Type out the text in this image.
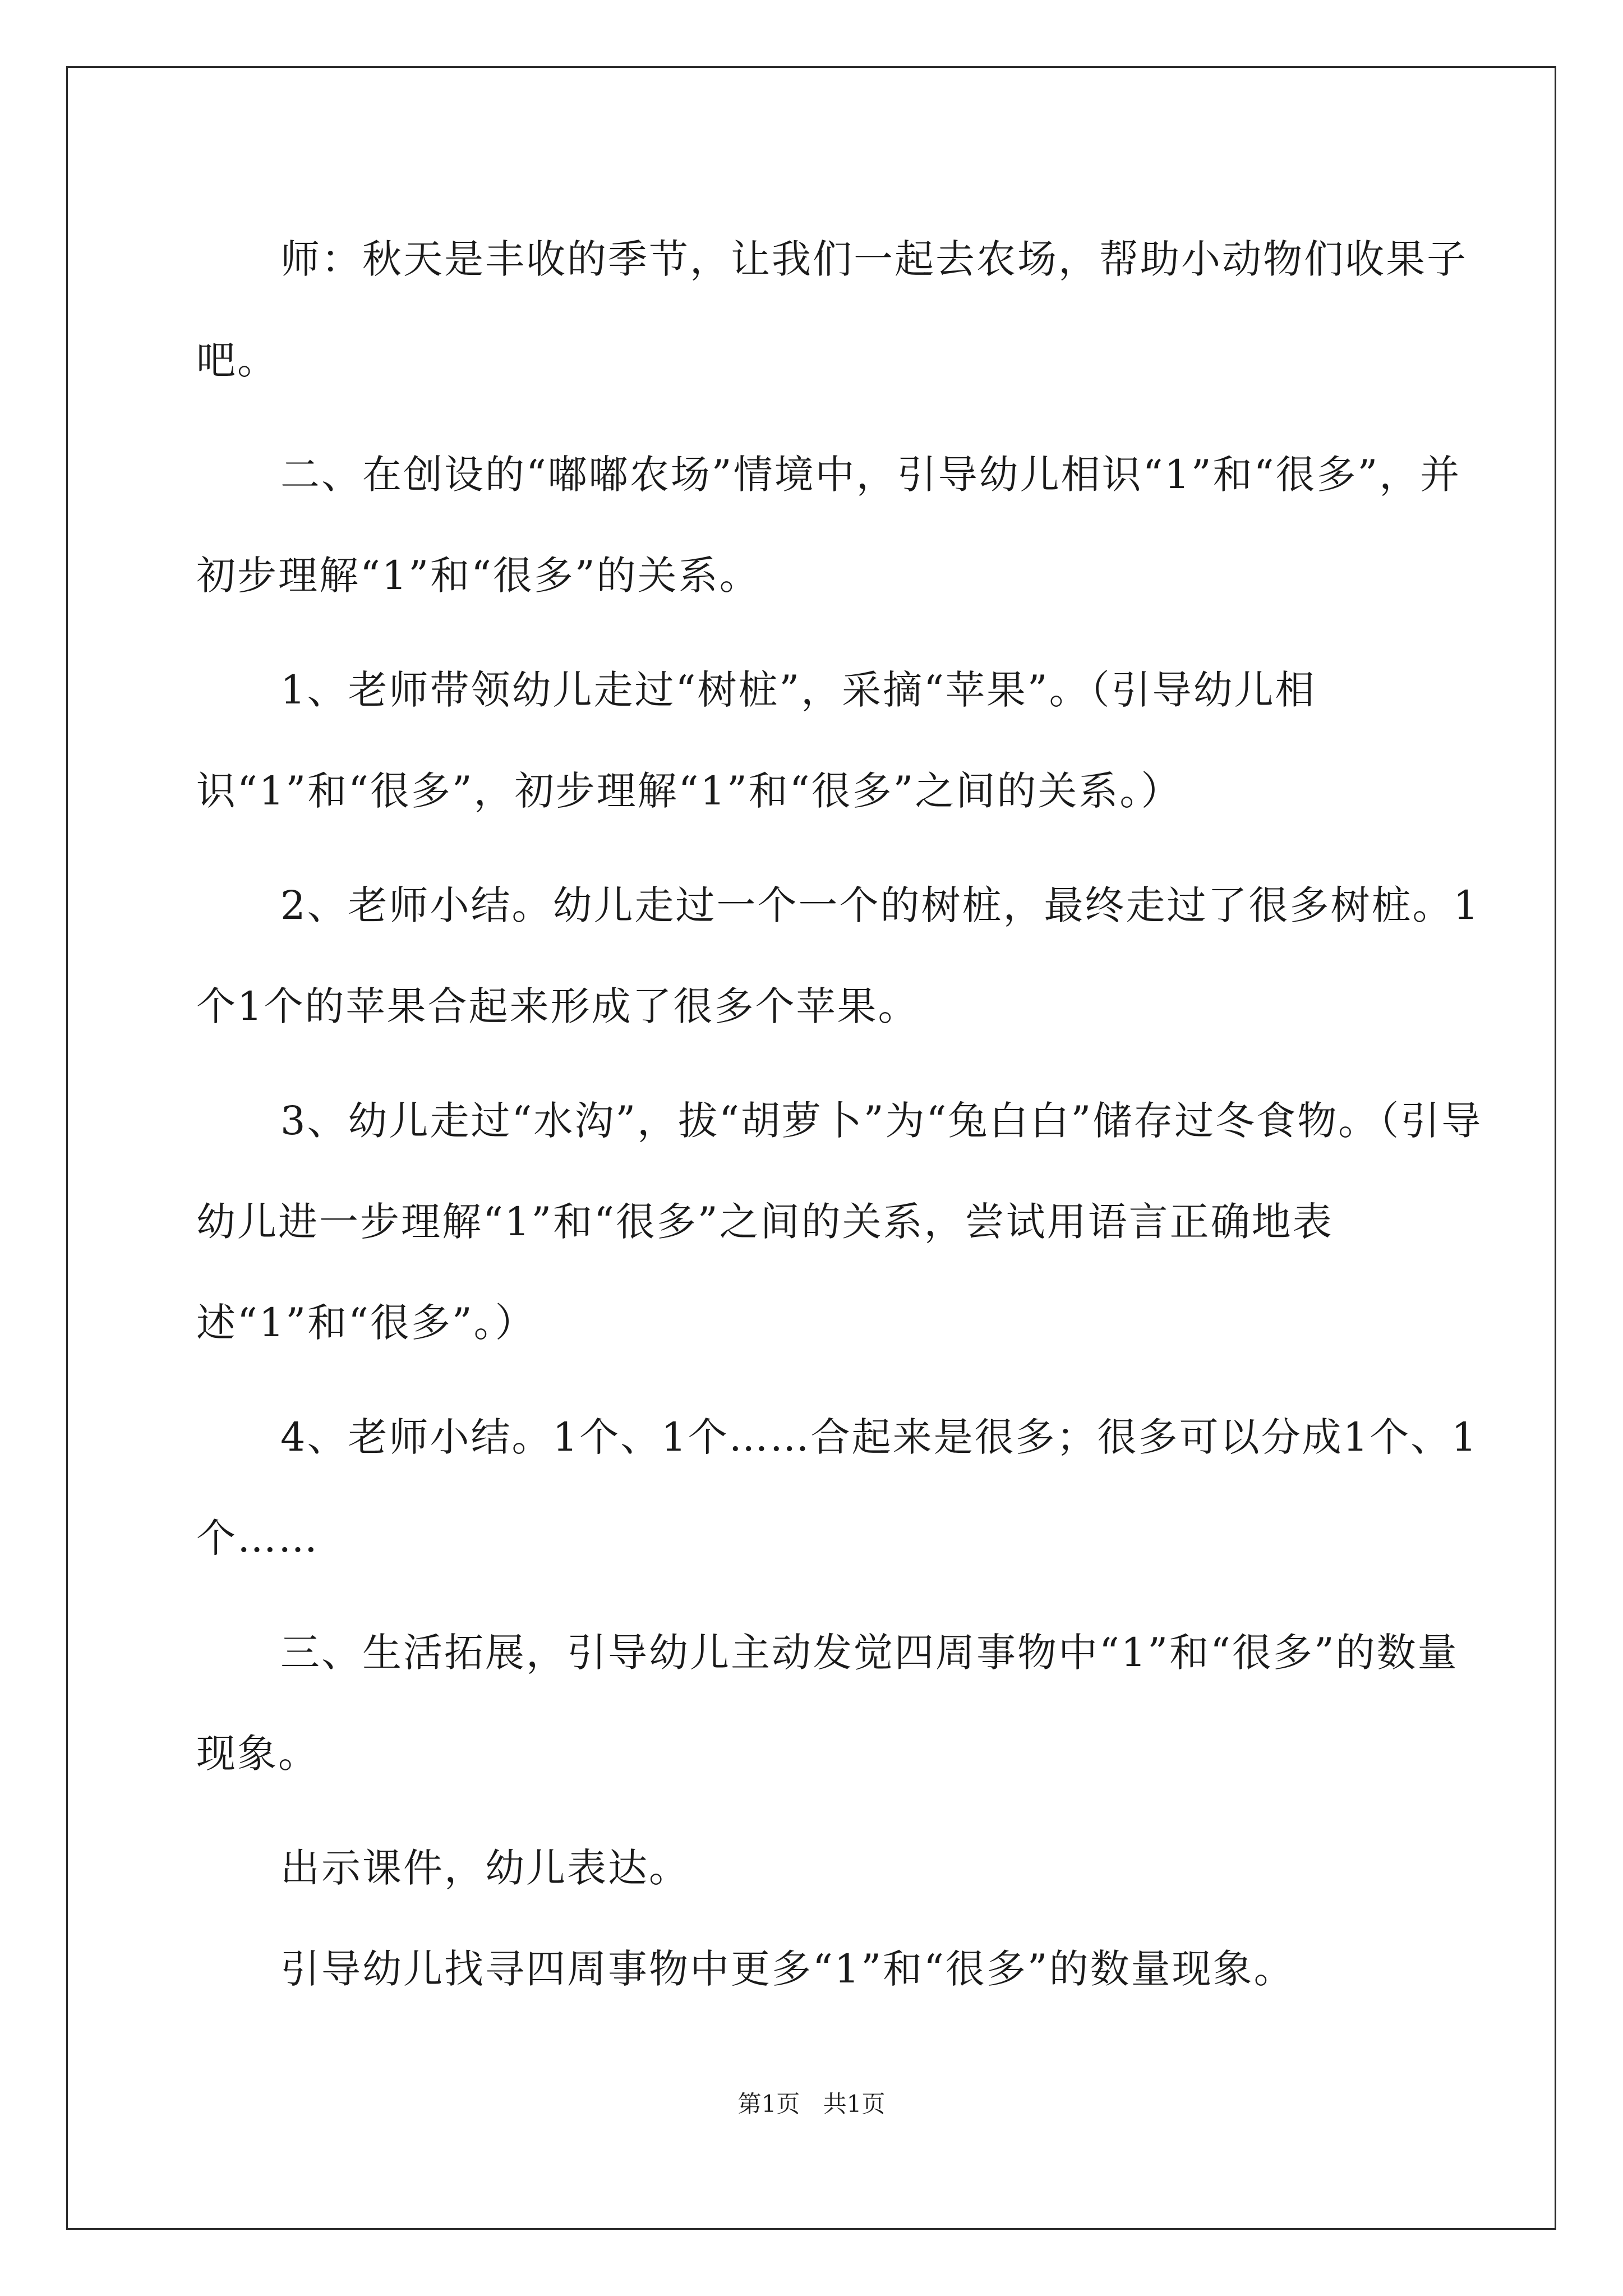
师：秋天是丰收的季节，让我们一起去农场，帮助小动物们收果子吧。

二、在创设的“嘟嘟农场”情境中，引导幼儿相识“1”和“很多”，并初步理解“1”和“很多”的关系。

1、老师带领幼儿走过“树桩”，采摘“苹果”。（引导幼儿相识“1”和“很多”，初步理解“1”和“很多”之间的关系。）

2、老师小结。幼儿走过一个一个的树桩，最终走过了很多树桩。1个1个的苹果合起来形成了很多个苹果。

3、幼儿走过“水沟”，拔“胡萝卜”为“兔白白”储存过冬食物。（引导幼儿进一步理解“1”和“很多”之间的关系，尝试用语言正确地表述“1”和“很多”。）

4、老师小结。1个、1个……合起来是很多；很多可以分成1个、1个……

三、生活拓展，引导幼儿主动发觉四周事物中“1”和“很多”的数量现象。

出示课件，幼儿表达。

引导幼儿找寻四周事物中更多“1”和“很多”的数量现象。

第1页 共1页
